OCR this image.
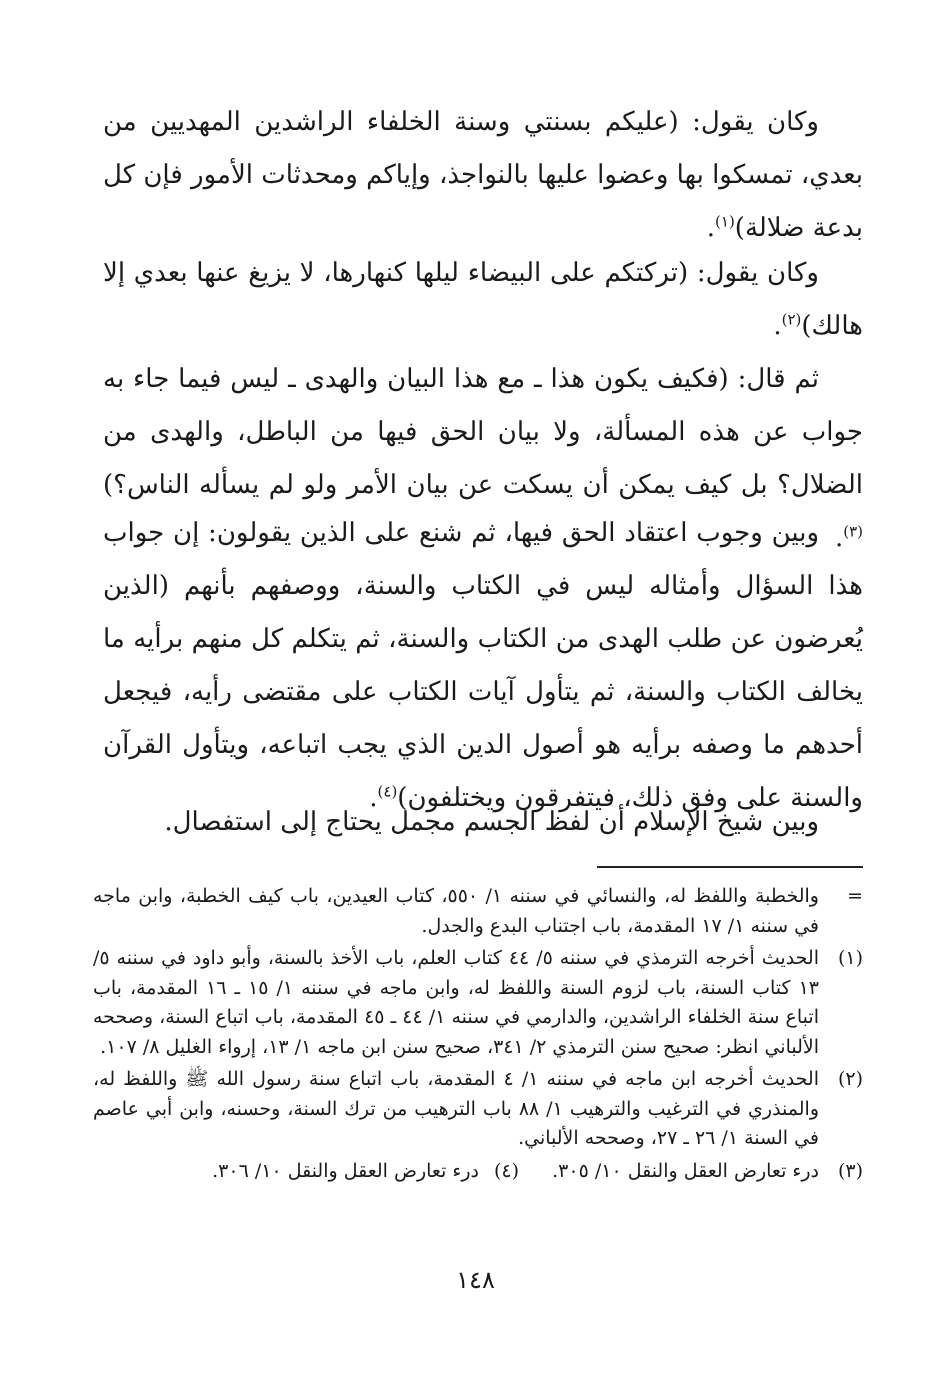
وكان يقول: (عليكم بسنتي وسنة الخلفاء الراشدين المهديين من بعدي، تمسكوا بها وعضوا عليها بالنواجذ، وإياكم ومحدثات الأمور فإن كل بدعة ضلالة)$^{(١)}$.

وكان يقول: (تركتكم على البيضاء ليلها كنهارها، لا يزيغ عنها بعدي إلا هالك)$^{(٢)}$.

ثم قال: (فكيف يكون هذا ـ مع هذا البيان والهدى ـ ليس فيما جاء به جواب عن هذه المسألة، ولا بيان الحق فيها من الباطل، والهدى من الضلال؟ بل كيف يمكن أن يسكت عن بيان الأمر ولو لم يسأله الناس؟)$^{(٣)}$.

وبين وجوب اعتقاد الحق فيها، ثم شنع على الذين يقولون: إن جواب هذا السؤال وأمثاله ليس في الكتاب والسنة، ووصفهم بأنهم (الذين يُعرضون عن طلب الهدى من الكتاب والسنة، ثم يتكلم كل منهم برأيه ما يخالف الكتاب والسنة، ثم يتأول آيات الكتاب على مقتضى رأيه، فيجعل أحدهم ما وصفه برأيه هو أصول الدين الذي يجب اتباعه، ويتأول القرآن والسنة على وفق ذلك، فيتفرقون ويختلفون)$^{(٤)}$.

وبين شيخ الإسلام أن لفظ الجسم مجمل يحتاج إلى استفصال.

=
والخطبة واللفظ له، والنسائي في سننه ١/ ٥٥٠، كتاب العيدين، باب كيف الخطبة، وابن ماجه في سننه ١/ ١٧ المقدمة، باب اجتناب البدع والجدل.
(١)
الحديث أخرجه الترمذي في سننه ٥/ ٤٤ كتاب العلم، باب الأخذ بالسنة، وأبو داود في سننه ٥/ ١٣ كتاب السنة، باب لزوم السنة واللفظ له، وابن ماجه في سننه ١/ ١٥ ـ ١٦ المقدمة، باب اتباع سنة الخلفاء الراشدين، والدارمي في سننه ١/ ٤٤ ـ ٤٥ المقدمة، باب اتباع السنة، وصححه الألباني انظر: صحيح سنن الترمذي ٢/ ٣٤١، صحيح سنن ابن ماجه ١/ ١٣، إرواء الغليل ٨/ ١٠٧.
(٢)
الحديث أخرجه ابن ماجه في سننه ١/ ٤ المقدمة، باب اتباع سنة رسول الله ﷺ واللفظ له، والمنذري في الترغيب والترهيب ١/ ٨٨ باب الترهيب من ترك السنة، وحسنه، وابن أبي عاصم في السنة ١/ ٢٦ ـ ٢٧، وصححه الألباني.
(٣)
درء تعارض العقل والنقل ١٠/ ٣٠٥.
(٤)
درء تعارض العقل والنقل ١٠/ ٣٠٦.
١٤٨
